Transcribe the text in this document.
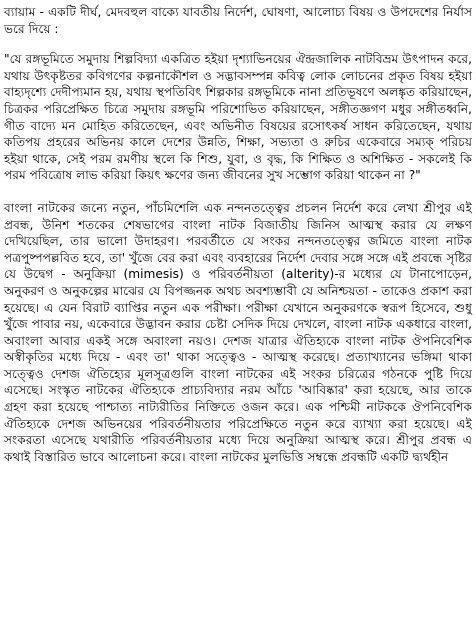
ব্যায়াম - একটি দীর্ঘ, মেদবহুল বাক্যে যাবতীয় নির্দেশ, ঘোষণা, আলোচ্য বিষয় ও উপদেশের নির্যাস ভরে দিয়ে :

"যে রঙ্গভূমিতে সমুদায় শিল্পবিদ্যা একত্রিত হইয়া দৃশ্যাভিনয়ের ঐন্দ্রজালিক নাটবিভ্রম উৎপাদন করে, যথায় উৎকৃষ্টতর কবিগণের কল্পনাকৌশল ও সদ্ভাবসম্পন্ন কবিত্ব লোক লোচনের প্রকৃত বিষয় হইয়া বাহ্যদৃশ্যে দেদীপ্যমান হয়, যথায় স্থপতিবিৎ শিল্পকার রঙ্গভূমিকে নানা প্রতিভূষণে অলঙ্কৃত করিয়াছেন, চিত্রকর পরিপ্রেক্ষিত চিত্রে সমুদায় রঙ্গভূমি পরিশোভিত করিয়াছেন, সঙ্গীতজ্ঞগণ মধুর সঙ্গীতধ্বনি, গীত বাদ্যে মন মোহিত করিতেছেন, এবং অভিনীত বিষয়ের রসোৎকর্ষ সাধন করিতেছেন, যথায় কতিপয় প্রহরের অভিনয় কালে দেশের উন্নতি, শিক্ষা, সভ্যতা ও রুচির একেবারে সম্যক্‌ পরিচয় হইয়া থাকে, সেই পরম রমণীয় স্থলে কি শিশু, যুবা, ও বৃদ্ধ, কি শিক্ষিত ও অশিক্ষিত - সকলেই কি পরম পবিত্রোষ লাভ করিয়া কিয়ৎ ক্ষণের জন্য জীবনের সুখ সম্ভোগ করিয়া থাকেন না ?"

বাংলা নাটকের জন্যে নতুন, পাঁচমিশেলি এক নন্দনতত্ত্বের প্রচলন নির্দেশ করে লেখা শ্রীপুর এই প্রবন্ধ, উনিশ শতকের শেষভাগের বাংলা নাটক বিজাতীয় জিনিস আত্মস্থ করার যে লক্ষণ দেখিয়েছিল, তার ভালো উদাহরণ। পরবর্তীতে যে সংকর নন্দনতত্ত্বের জমিতে বাংলা নাটক পত্রপুষ্পপল্লবিত হবে, তা' খুঁজে বের করা এবং ব্যবহারের নির্দেশ দেবার সঙ্গে সঙ্গে এই প্রবন্ধে সৃষ্টির যে উদ্বেগ - অনুক্রিয়া (mimesis) ও পরিবর্তনীয়তা (alterity)-র মধ্যের যে টানাপোড়েন, অনুকরণ ও অনুকল্পের মাঝের যে বিপজ্জনক অথচ অবশ্যম্ভাবী যে অনিশ্চয়তা - তাকেও প্রকাশ করা হয়েছে। এ যেন বিরাট ব্যাপ্তির নতুন এক পরীক্ষা। পরীক্ষা যেখানে অনুকরণকে স্বরূপ হিসেবে, শুধু খুঁজে পাবার নয়, একেবারে উদ্ভাবন করার চেষ্টা সেদিক দিয়ে দেখলে, বাংলা নাটক একধারে বাংলা, অবাংলা আবার একই সঙ্গে অবাংলা নয়ও। দেশজ যাত্রার ঐতিহ্যকে বাংলা নাটক ঔপনিবেশিক অস্বীকৃতির মধ্যে দিয়ে - এবং তা' থাকা সত্ত্বেও - আত্মস্থ করেছে। প্রত্যাখ্যানের ভঙ্গিমা থাকা সত্ত্বেও দেশজ ঐতিহ্যের মূলসূত্রগুলি বাংলা নাটকের এই সংকর চরিত্রের গঠনকে পুষ্টি দিয়ে এসেছে। সংস্কৃত নাটকের ঐতিহ্যকে প্রাচ্যবিদ্যার নরম আঁচে 'আবিষ্কার' করা হয়েছে, আর তাকে গ্রহণ করা হয়েছে পাশ্চাত্য নাট্যরীতির নিক্তিতে ওজন করে। এক পশ্চিমী নাটককে ঔপনিবেশিক ঐতিহ্যকে দেশজ অভিনয়ের পরিবর্তনীয়তার পরিপ্রেক্ষিতে নতুন করে ব্যাখ্যা করা হয়েছে। এই সংকরতা এসেছে যথারীতি পরিবর্তনীয়তার মধ্যে দিয়ে অনুক্রিয়া আত্মস্থ করে। শ্রীপুর প্রবন্ধ এ কথাই বিস্তারিত ভাবে আলোচনা করে। বাংলা নাটকের মুলভিত্তি সম্বন্ধে প্রবন্ধটি একটি দ্ব্যর্থহীন
